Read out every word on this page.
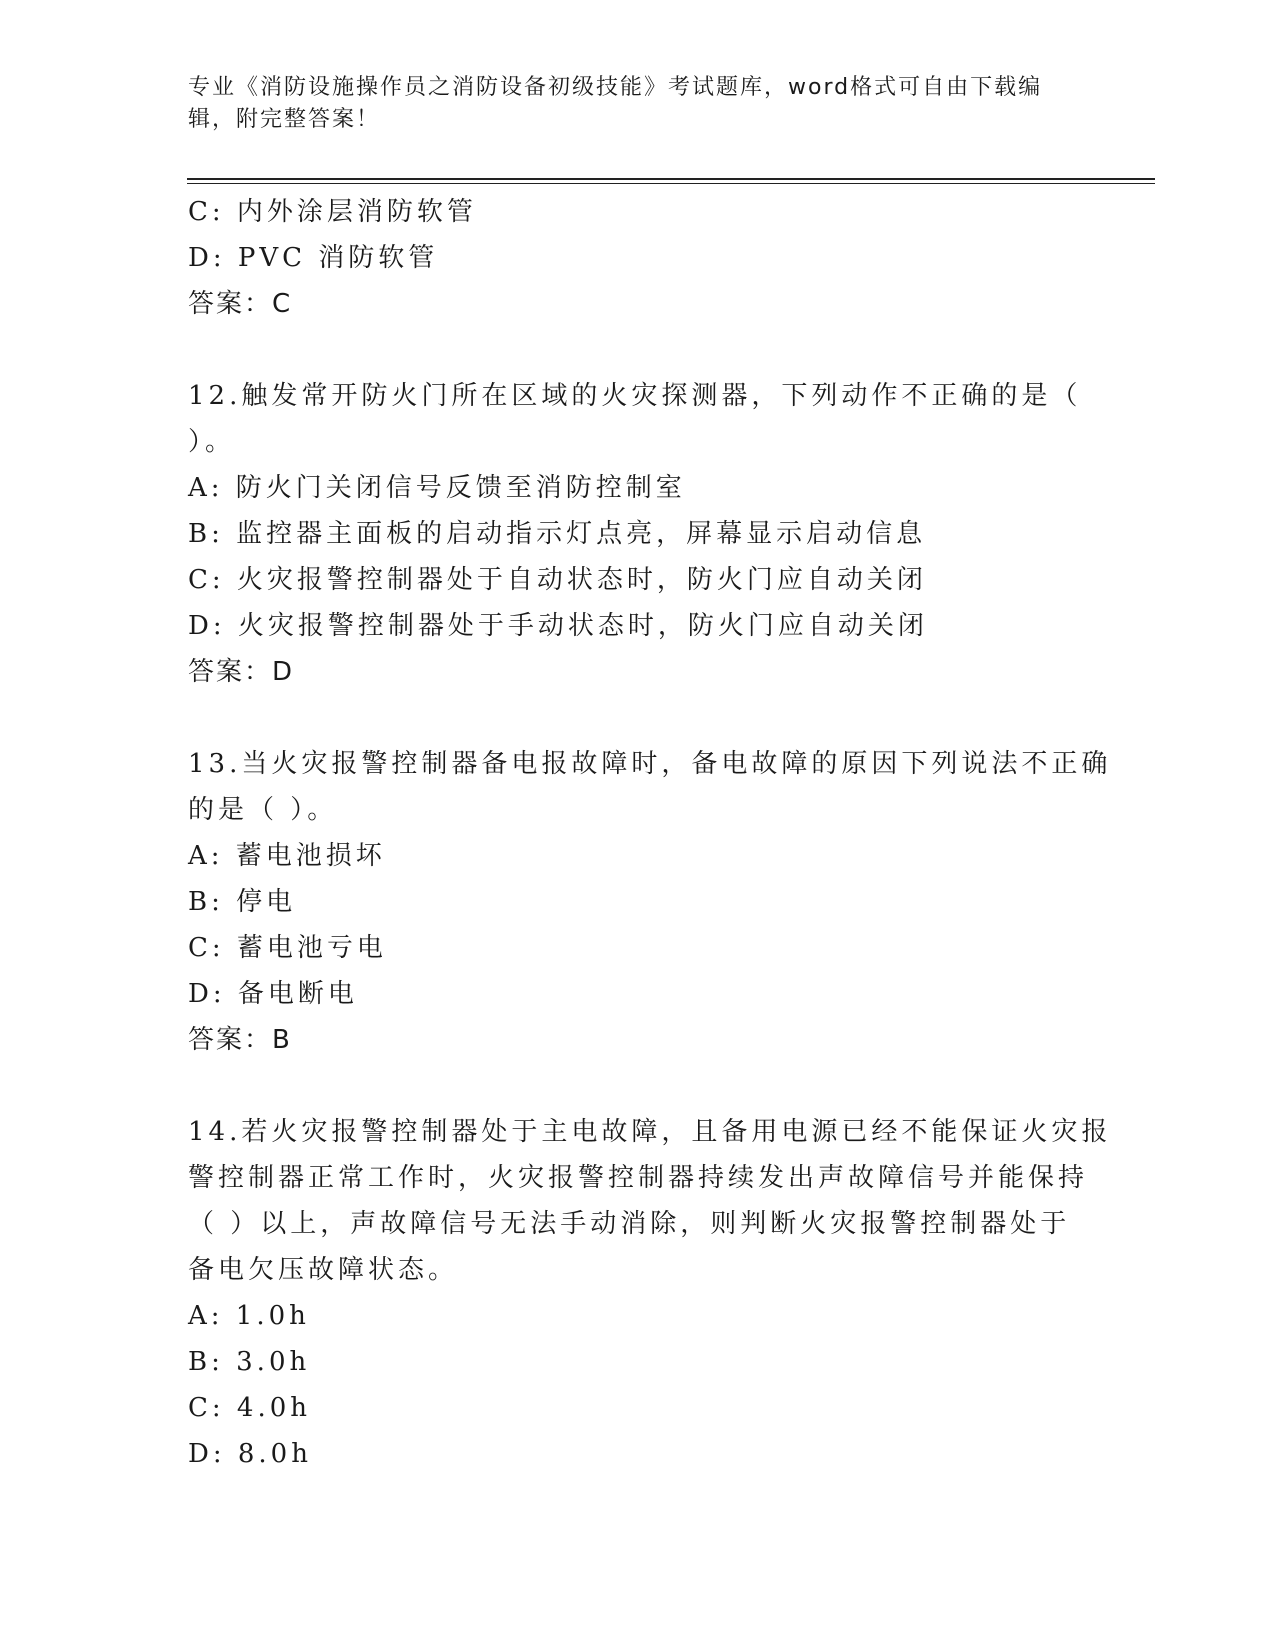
专业《消防设施操作员之消防设备初级技能》考试题库，word格式可自由下载编
辑，附完整答案！
C: 内外涂层消防软管
D: PVC 消防软管
答案：C
12.触发常开防火门所在区域的火灾探测器，下列动作不正确的是（
）。
A: 防火门关闭信号反馈至消防控制室
B: 监控器主面板的启动指示灯点亮，屏幕显示启动信息
C: 火灾报警控制器处于自动状态时，防火门应自动关闭
D: 火灾报警控制器处于手动状态时，防火门应自动关闭
答案：D
13.当火灾报警控制器备电报故障时，备电故障的原因下列说法不正确
的是（ ）。
A: 蓄电池损坏
B: 停电
C: 蓄电池亏电
D: 备电断电
答案：B
14.若火灾报警控制器处于主电故障，且备用电源已经不能保证火灾报
警控制器正常工作时，火灾报警控制器持续发出声故障信号并能保持
（ ）以上，声故障信号无法手动消除，则判断火灾报警控制器处于
备电欠压故障状态。
A: 1.0h
B: 3.0h
C: 4.0h
D: 8.0h
